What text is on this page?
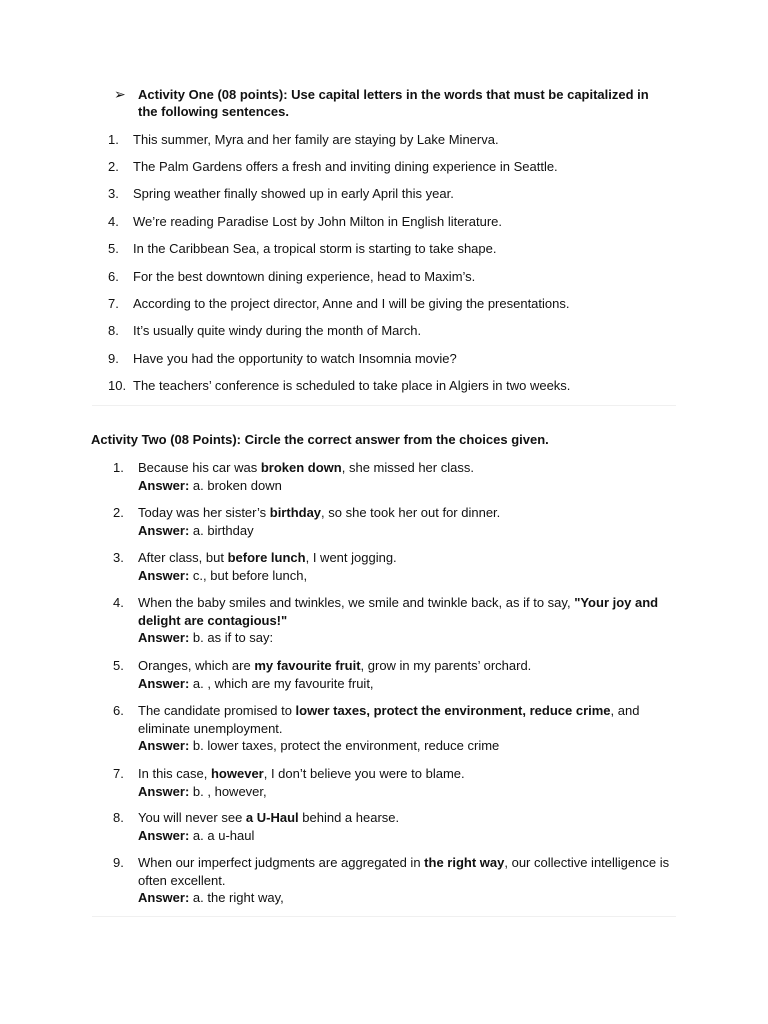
➢ Activity One (08 points): Use capital letters in the words that must be capitalized in the following sentences.
1. This summer, Myra and her family are staying by Lake Minerva.
2. The Palm Gardens offers a fresh and inviting dining experience in Seattle.
3. Spring weather finally showed up in early April this year.
4. We’re reading Paradise Lost by John Milton in English literature.
5. In the Caribbean Sea, a tropical storm is starting to take shape.
6. For the best downtown dining experience, head to Maxim’s.
7. According to the project director, Anne and I will be giving the presentations.
8. It’s usually quite windy during the month of March.
9. Have you had the opportunity to watch Insomnia movie?
10. The teachers’ conference is scheduled to take place in Algiers in two weeks.
Activity Two (08 Points): Circle the correct answer from the choices given.
1. Because his car was broken down, she missed her class.
Answer: a. broken down
2. Today was her sister’s birthday, so she took her out for dinner.
Answer: a. birthday
3. After class, but before lunch, I went jogging.
Answer: c., but before lunch,
4. When the baby smiles and twinkles, we smile and twinkle back, as if to say, "Your joy and delight are contagious!"
Answer: b. as if to say:
5. Oranges, which are my favourite fruit, grow in my parents’ orchard.
Answer: a. , which are my favourite fruit,
6. The candidate promised to lower taxes, protect the environment, reduce crime, and eliminate unemployment.
Answer: b. lower taxes, protect the environment, reduce crime
7. In this case, however, I don’t believe you were to blame.
Answer: b. , however,
8. You will never see a U-Haul behind a hearse.
Answer: a. a u-haul
9. When our imperfect judgments are aggregated in the right way, our collective intelligence is often excellent.
Answer: a. the right way,
